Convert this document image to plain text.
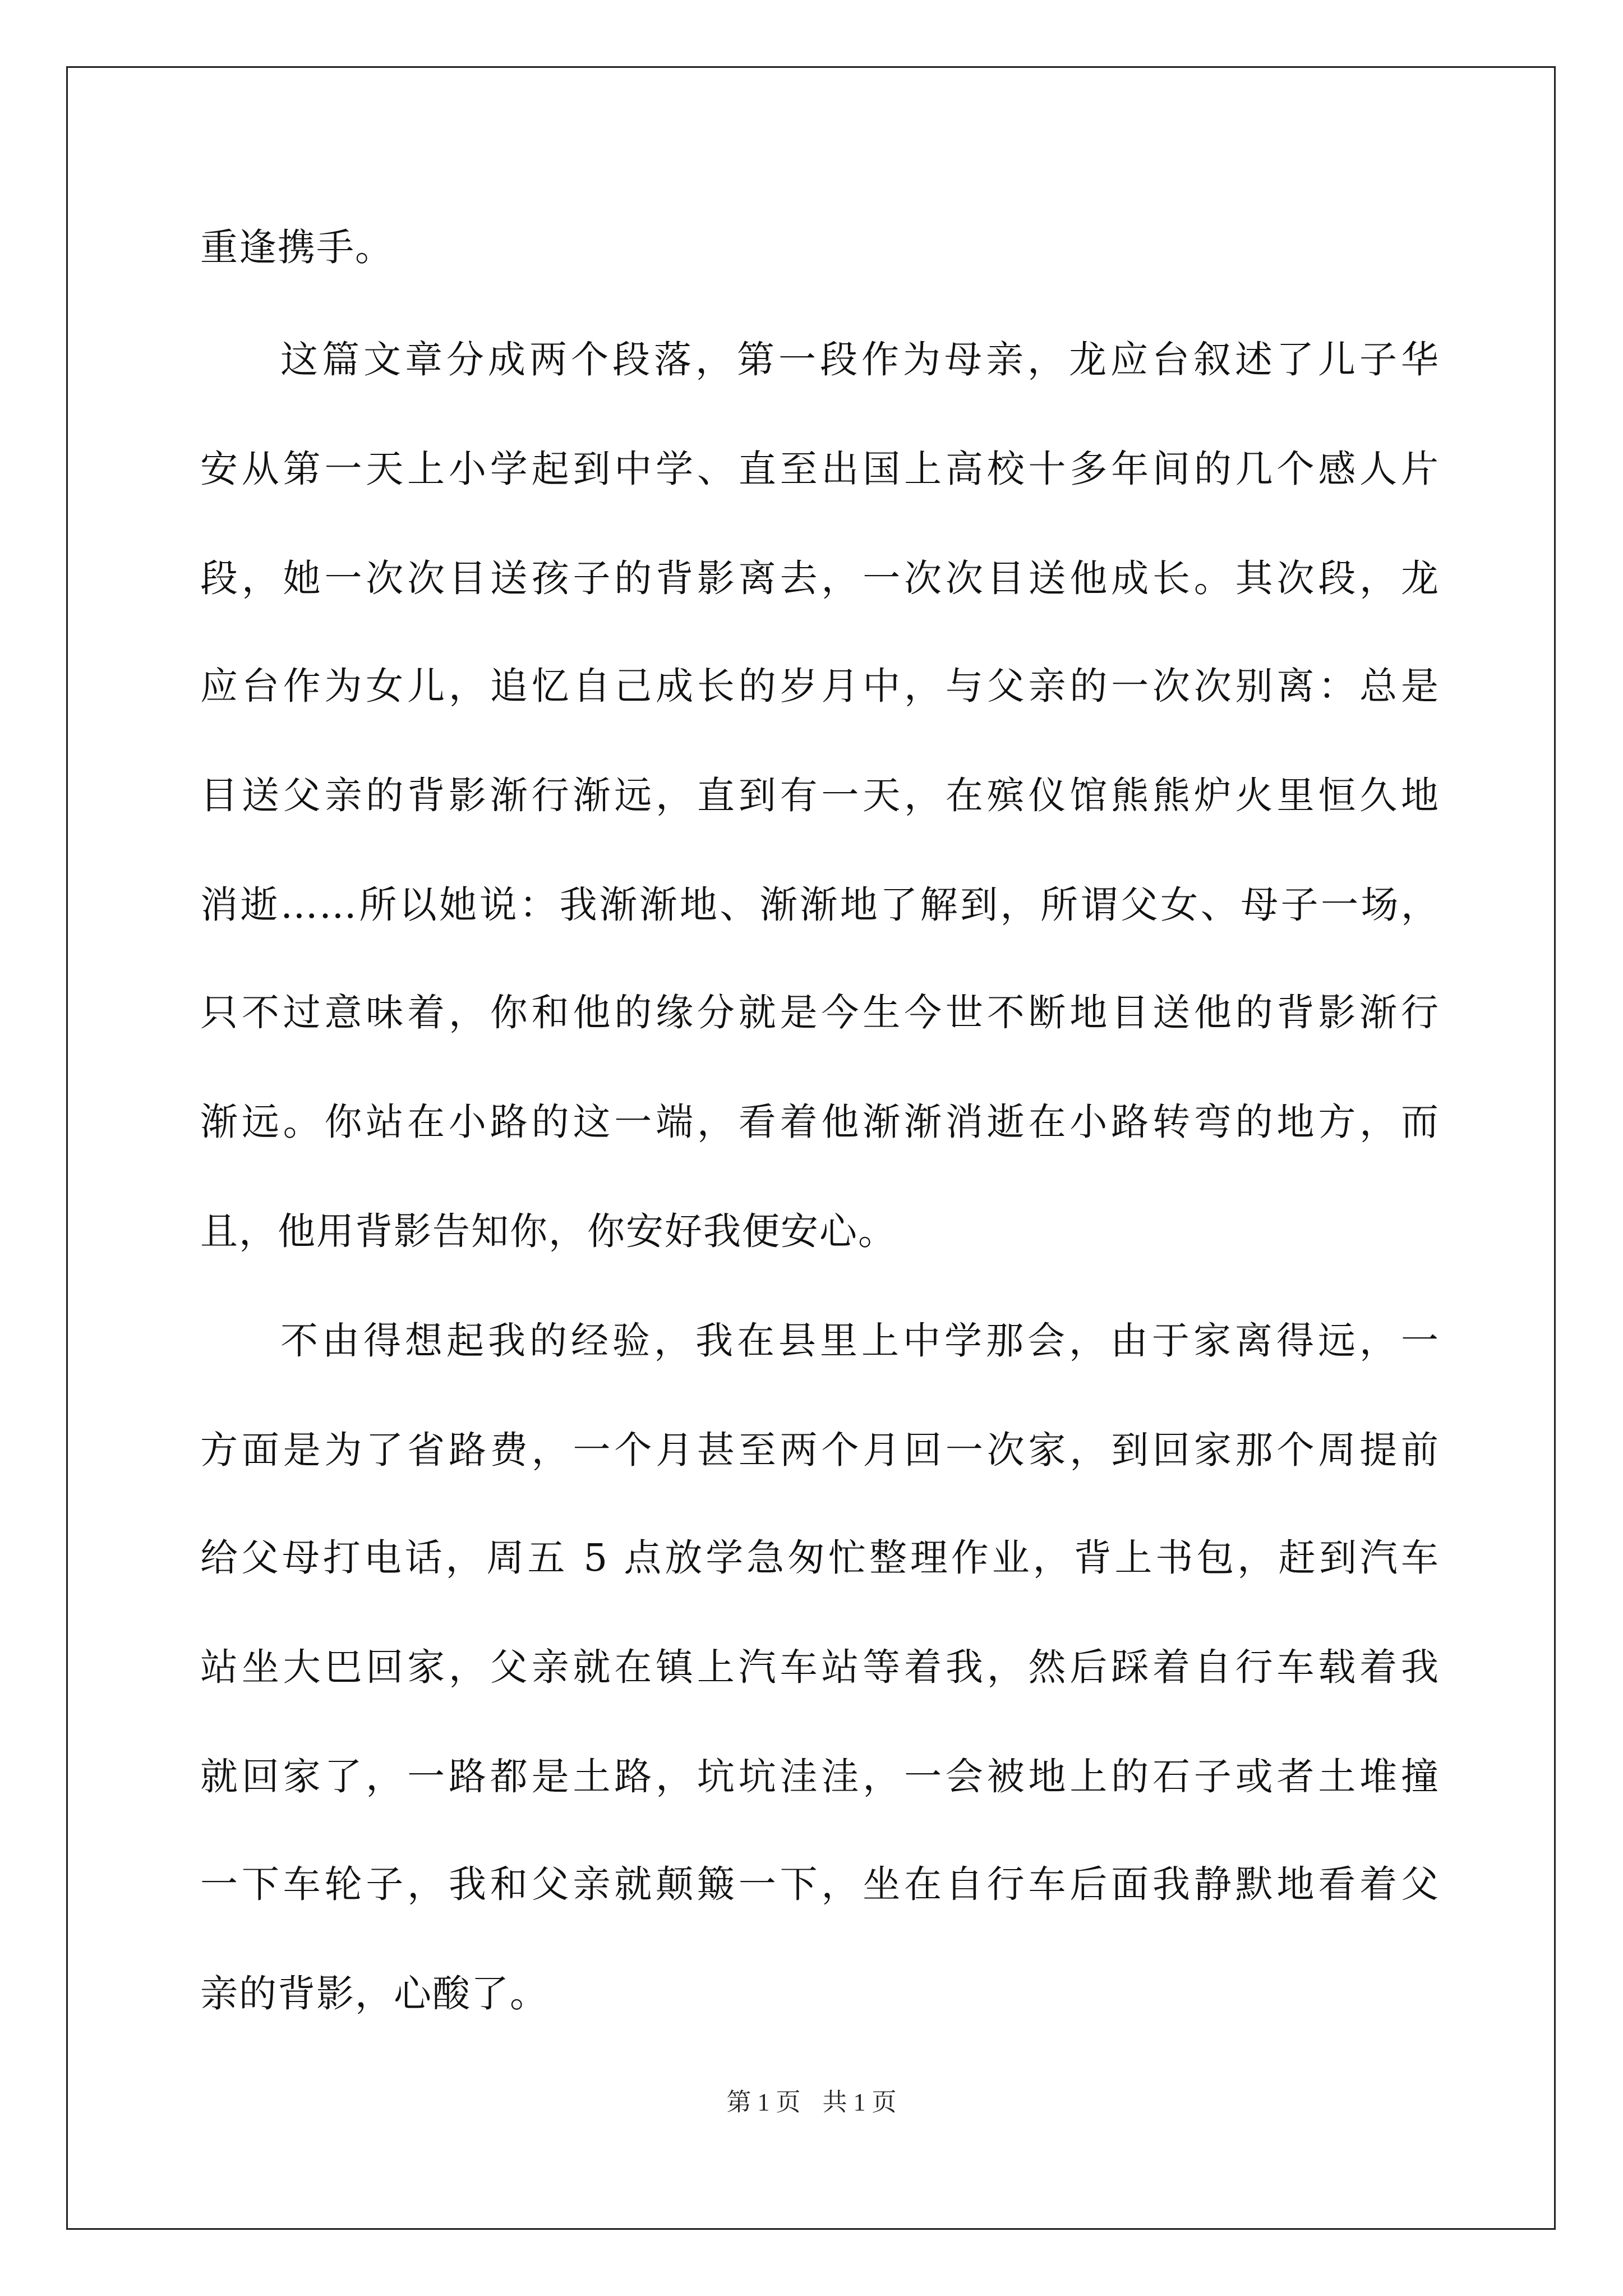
重逢携手。
这篇文章分成两个段落，第一段作为母亲，龙应台叙述了儿子华
安从第一天上小学起到中学、直至出国上高校十多年间的几个感人片
段，她一次次目送孩子的背影离去，一次次目送他成长。其次段，龙
应台作为女儿，追忆自己成长的岁月中，与父亲的一次次别离：总是
目送父亲的背影渐行渐远，直到有一天，在殡仪馆熊熊炉火里恒久地
消逝……所以她说：我渐渐地、渐渐地了解到，所谓父女、母子一场，
只不过意味着，你和他的缘分就是今生今世不断地目送他的背影渐行
渐远。你站在小路的这一端，看着他渐渐消逝在小路转弯的地方，而
且，他用背影告知你，你安好我便安心。
不由得想起我的经验，我在县里上中学那会，由于家离得远，一
方面是为了省路费，一个月甚至两个月回一次家，到回家那个周提前
给父母打电话，周五 5 点放学急匆忙整理作业，背上书包，赶到汽车
站坐大巴回家，父亲就在镇上汽车站等着我，然后踩着自行车载着我
就回家了，一路都是土路，坑坑洼洼，一会被地上的石子或者土堆撞
一下车轮子，我和父亲就颠簸一下，坐在自行车后面我静默地看着父
亲的背影，心酸了。
第 1 页 共 1 页
